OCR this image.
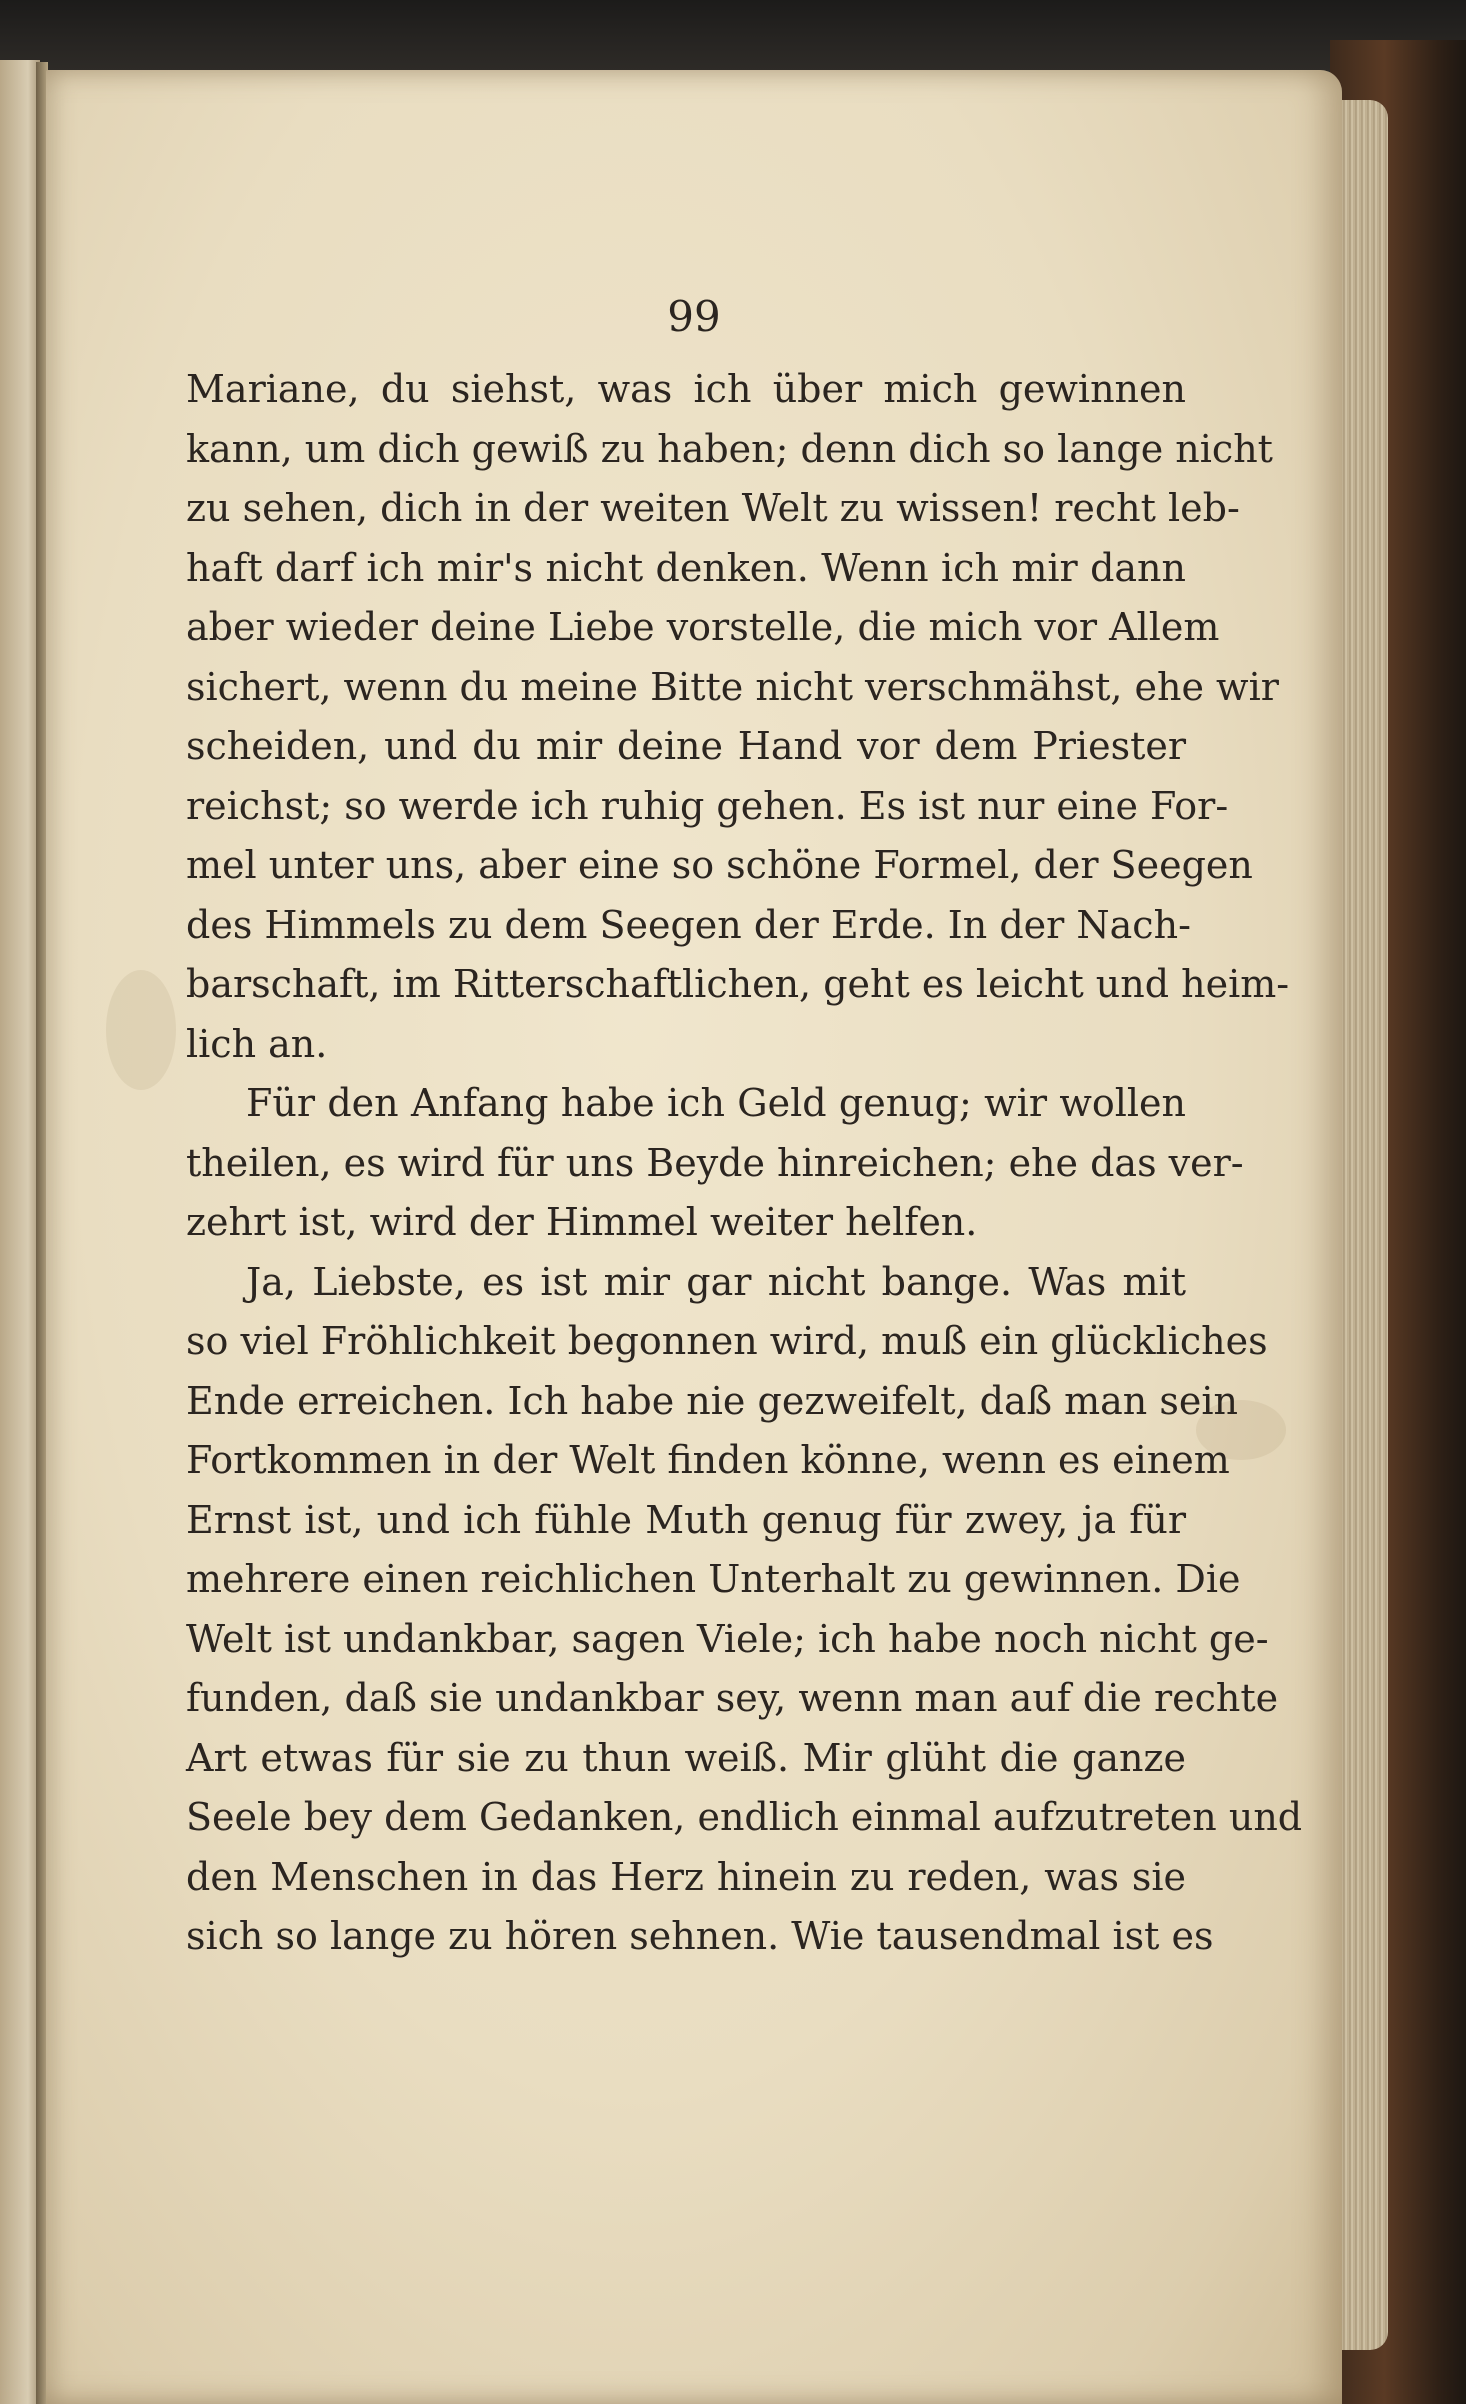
99
Mariane, du siehst, was ich über mich gewinnen
kann, um dich gewiß zu haben; denn dich so lange nicht
zu sehen, dich in der weiten Welt zu wissen! recht leb-
haft darf ich mir's nicht denken. Wenn ich mir dann
aber wieder deine Liebe vorstelle, die mich vor Allem
sichert, wenn du meine Bitte nicht verschmähst, ehe wir
scheiden, und du mir deine Hand vor dem Priester
reichst; so werde ich ruhig gehen. Es ist nur eine For-
mel unter uns, aber eine so schöne Formel, der Seegen
des Himmels zu dem Seegen der Erde. In der Nach-
barschaft, im Ritterschaftlichen, geht es leicht und heim-
lich an.
Für den Anfang habe ich Geld genug; wir wollen
theilen, es wird für uns Beyde hinreichen; ehe das ver-
zehrt ist, wird der Himmel weiter helfen.
Ja, Liebste, es ist mir gar nicht bange. Was mit
so viel Fröhlichkeit begonnen wird, muß ein glückliches
Ende erreichen. Ich habe nie gezweifelt, daß man sein
Fortkommen in der Welt finden könne, wenn es einem
Ernst ist, und ich fühle Muth genug für zwey, ja für
mehrere einen reichlichen Unterhalt zu gewinnen. Die
Welt ist undankbar, sagen Viele; ich habe noch nicht ge-
funden, daß sie undankbar sey, wenn man auf die rechte
Art etwas für sie zu thun weiß. Mir glüht die ganze
Seele bey dem Gedanken, endlich einmal aufzutreten und
den Menschen in das Herz hinein zu reden, was sie
sich so lange zu hören sehnen. Wie tausendmal ist es
